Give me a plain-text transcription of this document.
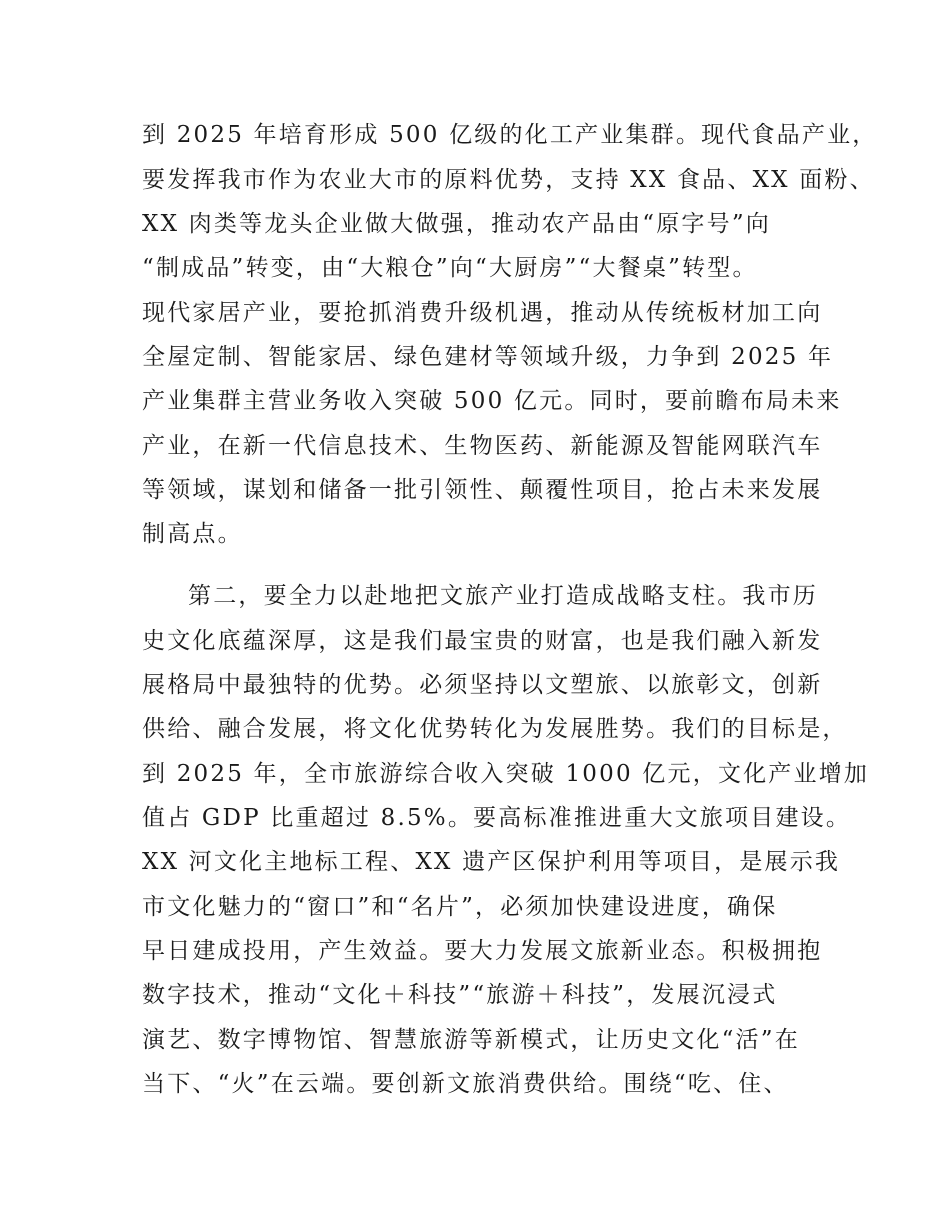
到 2025 年培育形成 500 亿级的化工产业集群。现代食品产业，
要发挥我市作为农业大市的原料优势，支持 XX 食品、XX 面粉、
XX 肉类等龙头企业做大做强，推动农产品由“原字号”向
“制成品”转变，由“大粮仓”向“大厨房”“大餐桌”转型。
现代家居产业，要抢抓消费升级机遇，推动从传统板材加工向
全屋定制、智能家居、绿色建材等领域升级，力争到 2025 年
产业集群主营业务收入突破 500 亿元。同时，要前瞻布局未来
产业，在新一代信息技术、生物医药、新能源及智能网联汽车
等领域，谋划和储备一批引领性、颠覆性项目，抢占未来发展
制高点。
第二，要全力以赴地把文旅产业打造成战略支柱。我市历
史文化底蕴深厚，这是我们最宝贵的财富，也是我们融入新发
展格局中最独特的优势。必须坚持以文塑旅、以旅彰文，创新
供给、融合发展，将文化优势转化为发展胜势。我们的目标是，
到 2025 年，全市旅游综合收入突破 1000 亿元，文化产业增加
值占 GDP 比重超过 8.5%。要高标准推进重大文旅项目建设。
XX 河文化主地标工程、XX 遗产区保护利用等项目，是展示我
市文化魅力的“窗口”和“名片”，必须加快建设进度，确保
早日建成投用，产生效益。要大力发展文旅新业态。积极拥抱
数字技术，推动“文化＋科技”“旅游＋科技”，发展沉浸式
演艺、数字博物馆、智慧旅游等新模式，让历史文化“活”在
当下、“火”在云端。要创新文旅消费供给。围绕“吃、住、
